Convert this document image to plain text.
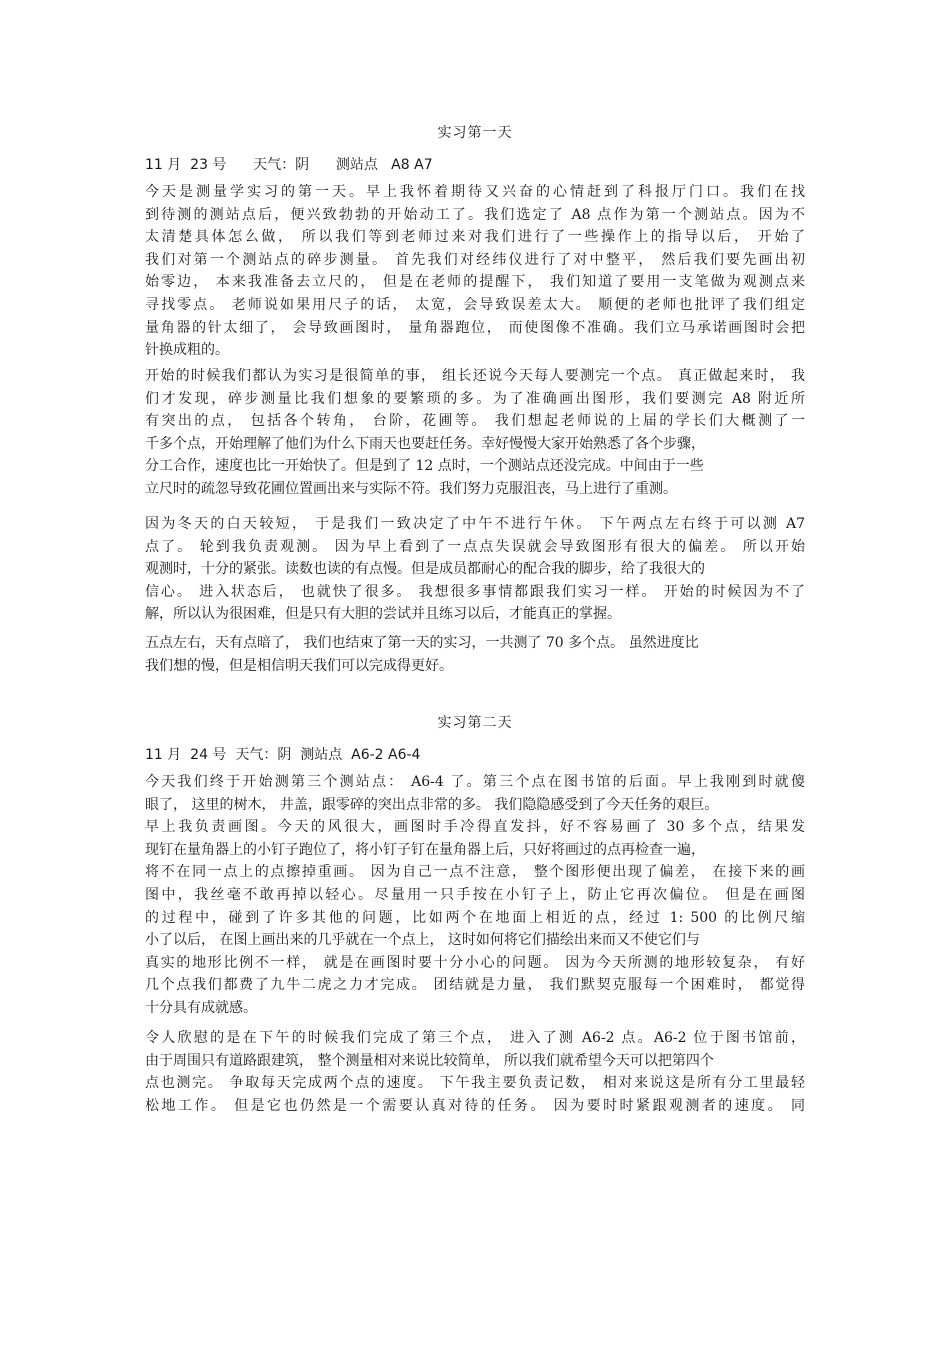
实习第一天
11 月  23 号      天气：阴      测站点   A8 A7
今天是测量学实习的第一天。早上我怀着期待又兴奋的心情赶到了科报厅门口。我们在找
到待测的测站点后，便兴致勃勃的开始动工了。我们选定了 A8 点作为第一个测站点。因为不
太清楚具体怎么做， 所以我们等到老师过来对我们进行了一些操作上的指导以后， 开始了
我们对第一个测站点的碎步测量。 首先我们对经纬仪进行了对中整平， 然后我们要先画出初
始零边， 本来我准备去立尺的， 但是在老师的提醒下， 我们知道了要用一支笔做为观测点来
寻找零点。 老师说如果用尺子的话， 太宽，会导致误差太大。 顺便的老师也批评了我们组定
量角器的针太细了， 会导致画图时， 量角器跑位， 而使图像不准确。我们立马承诺画图时会把
针换成粗的。
开始的时候我们都认为实习是很简单的事， 组长还说今天每人要测完一个点。 真正做起来时， 我
们才发现，碎步测量比我们想象的要繁琐的多。为了准确画出图形，我们要测完 A8 附近所
有突出的点， 包括各个转角， 台阶，花圃等。 我们想起老师说的上届的学长们大概测了一
千多个点，开始理解了他们为什么下雨天也要赶任务。幸好慢慢大家开始熟悉了各个步骤，
分工合作，速度也比一开始快了。但是到了 12 点时，一个测站点还没完成。中间由于一些
立尺时的疏忽导致花圃位置画出来与实际不符。我们努力克服沮丧，马上进行了重测。
因为冬天的白天较短， 于是我们一致决定了中午不进行午休。 下午两点左右终于可以测 A7
点了。 轮到我负责观测。 因为早上看到了一点点失误就会导致图形有很大的偏差。 所以开始
观测时，十分的紧张。读数也读的有点慢。但是成员都耐心的配合我的脚步，给了我很大的
信心。 进入状态后， 也就快了很多。 我想很多事情都跟我们实习一样。 开始的时候因为不了
解，所以认为很困难，但是只有大胆的尝试并且练习以后，才能真正的掌握。
五点左右，天有点暗了， 我们也结束了第一天的实习，一共测了 70 多个点。 虽然进度比
我们想的慢，但是相信明天我们可以完成得更好。
实习第二天
11 月  24 号  天气：阴  测站点  A6-2 A6-4
今天我们终于开始测第三个测站点： A6-4 了。第三个点在图书馆的后面。早上我刚到时就傻
眼了， 这里的树木， 井盖，跟零碎的突出点非常的多。 我们隐隐感受到了今天任务的艰巨。
早上我负责画图。今天的风很大，画图时手冷得直发抖，好不容易画了 30 多个点，结果发
现钉在量角器上的小钉子跑位了，将小钉子钉在量角器上后，只好将画过的点再检查一遍，
将不在同一点上的点擦掉重画。 因为自己一点不注意， 整个图形便出现了偏差， 在接下来的画
图中，我丝毫不敢再掉以轻心。尽量用一只手按在小钉子上，防止它再次偏位。 但是在画图
的过程中，碰到了许多其他的问题，比如两个在地面上相近的点，经过 1: 500 的比例尺缩
小了以后， 在图上画出来的几乎就在一个点上， 这时如何将它们描绘出来而又不使它们与
真实的地形比例不一样， 就是在画图时要十分小心的问题。 因为今天所测的地形较复杂， 有好
几个点我们都费了九牛二虎之力才完成。 团结就是力量， 我们默契克服每一个困难时， 都觉得
十分具有成就感。
令人欣慰的是在下午的时候我们完成了第三个点， 进入了测 A6-2 点。A6-2 位于图书馆前，
由于周围只有道路跟建筑， 整个测量相对来说比较简单， 所以我们就希望今天可以把第四个
点也测完。 争取每天完成两个点的速度。 下午我主要负责记数， 相对来说这是所有分工里最轻
松地工作。 但是它也仍然是一个需要认真对待的任务。 因为要时时紧跟观测者的速度。 同
